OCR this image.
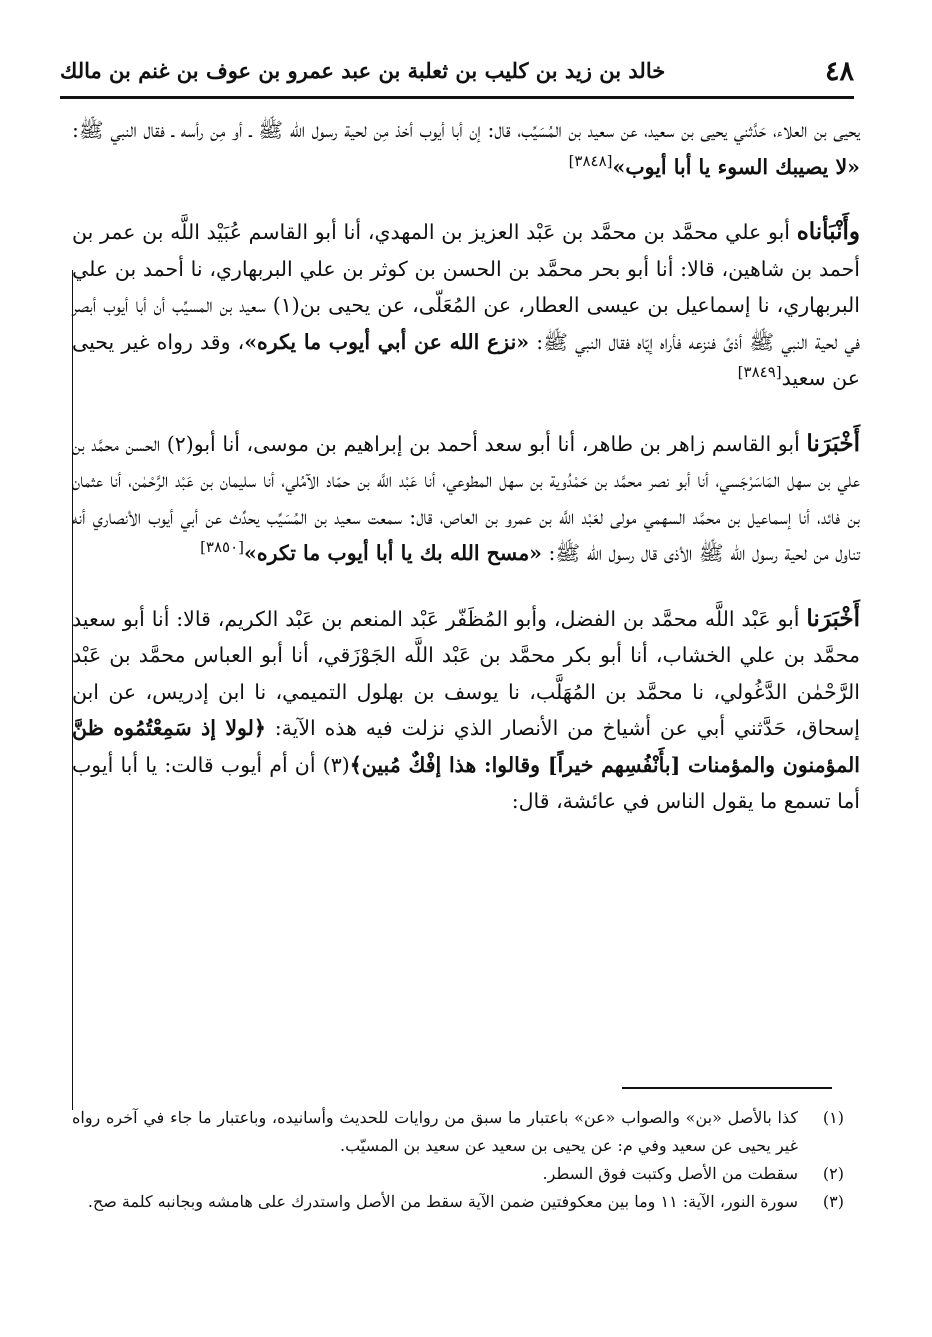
٤٨
خالد بن زيد بن كليب بن ثعلبة بن عبد عمرو بن عوف بن غنم بن مالك

يحيى بن العلاء، حَدَّثني يحيى بن سعيد، عن سعيد بن المُسَيِّب، قال: إن أبا أيوب أخذ مِن لحية رسول الله ﷺ ـ أو مِن رأسه ـ فقال النبي ﷺ: «لا يصيبك السوء يا أبا أيوب»[٣٨٤٨]

وأَنْبَأناه أبو علي محمَّد بن محمَّد بن عَبْد العزيز بن المهدي، أنا أبو القاسم عُبَيْد اللَّه بن عمر بن أحمد بن شاهين، قالا: أنا أبو بحر محمَّد بن الحسن بن كوثر بن علي البربهاري، نا أحمد بن علي البربهاري، نا إسماعيل بن عيسى العطار، عن المُعَلّى، عن يحيى بن(١) سعيد بن المسيِّب أن أبا أيوب أبصر في لحية النبي ﷺ أذىً فنزعه فأراه إيّاه فقال النبي ﷺ: «نزع الله عن أبي أيوب ما يكره»، وقد رواه غير يحيى عن سعيد[٣٨٤٩]

أَخْبَرَنا أبو القاسم زاهر بن طاهر، أنا أبو سعد أحمد بن إبراهيم بن موسى، أنا أبو(٢) الحسن محمَّد بن علي بن سهل المَاسَرْجَسي، أنا أبو نصر محمَّد بن حَمْدُوية بن سهل المطوعي، أنا عَبْد اللَّه بن حمّاد الآمُلي، أنا سليمان بن عَبْد الرَّحْمٰن، أنا عثمان بن فائد، أنا إسماعيل بن محمَّد السهمي مولى لعَبْد اللَّه بن عمرو بن العاص، قال: سمعت سعيد بن المُسَيِّب يحدِّث عن أبي أيوب الأنصاري أنه تناول من لحية رسول الله ﷺ الأذى قال رسول الله ﷺ: «مسح الله بك يا أبا أيوب ما تكره»[٣٨٥٠]

أَخْبَرَنا أبو عَبْد اللَّه محمَّد بن الفضل، وأبو المُظَفّر عَبْد المنعم بن عَبْد الكريم، قالا: أنا أبو سعيد محمَّد بن علي الخشاب، أنا أبو بكر محمَّد بن عَبْد اللَّه الجَوْزَقي، أنا أبو العباس محمَّد بن عَبْد الرَّحْمٰن الدَّغُولي، نا محمَّد بن المُهَلَّب، نا يوسف بن بهلول التميمي، نا ابن إدريس، عن ابن إسحاق، حَدَّثني أبي عن أشياخ من الأنصار الذي نزلت فيه هذه الآية: ﴿لولا إذ سَمِعْتُمُوه ظنَّ المؤمنون والمؤمنات [بأَنْفُسِهم خيراً] وقالوا: هذا إفْكٌ مُبين﴾(٣) أن أم أيوب قالت: يا أبا أيوب أما تسمع ما يقول الناس في عائشة، قال:

(١)
كذا بالأصل «بن» والصواب «عن» باعتبار ما سبق من روايات للحديث وأسانيده، وباعتبار ما جاء في آخره رواه غير يحيى عن سعيد وفي م: عن يحيى بن سعيد عن سعيد بن المسيّب.
(٢)
سقطت من الأصل وكتبت فوق السطر.
(٣)
سورة النور، الآية: ١١ وما بين معكوفتين ضمن الآية سقط من الأصل واستدرك على هامشه وبجانبه كلمة صح.
